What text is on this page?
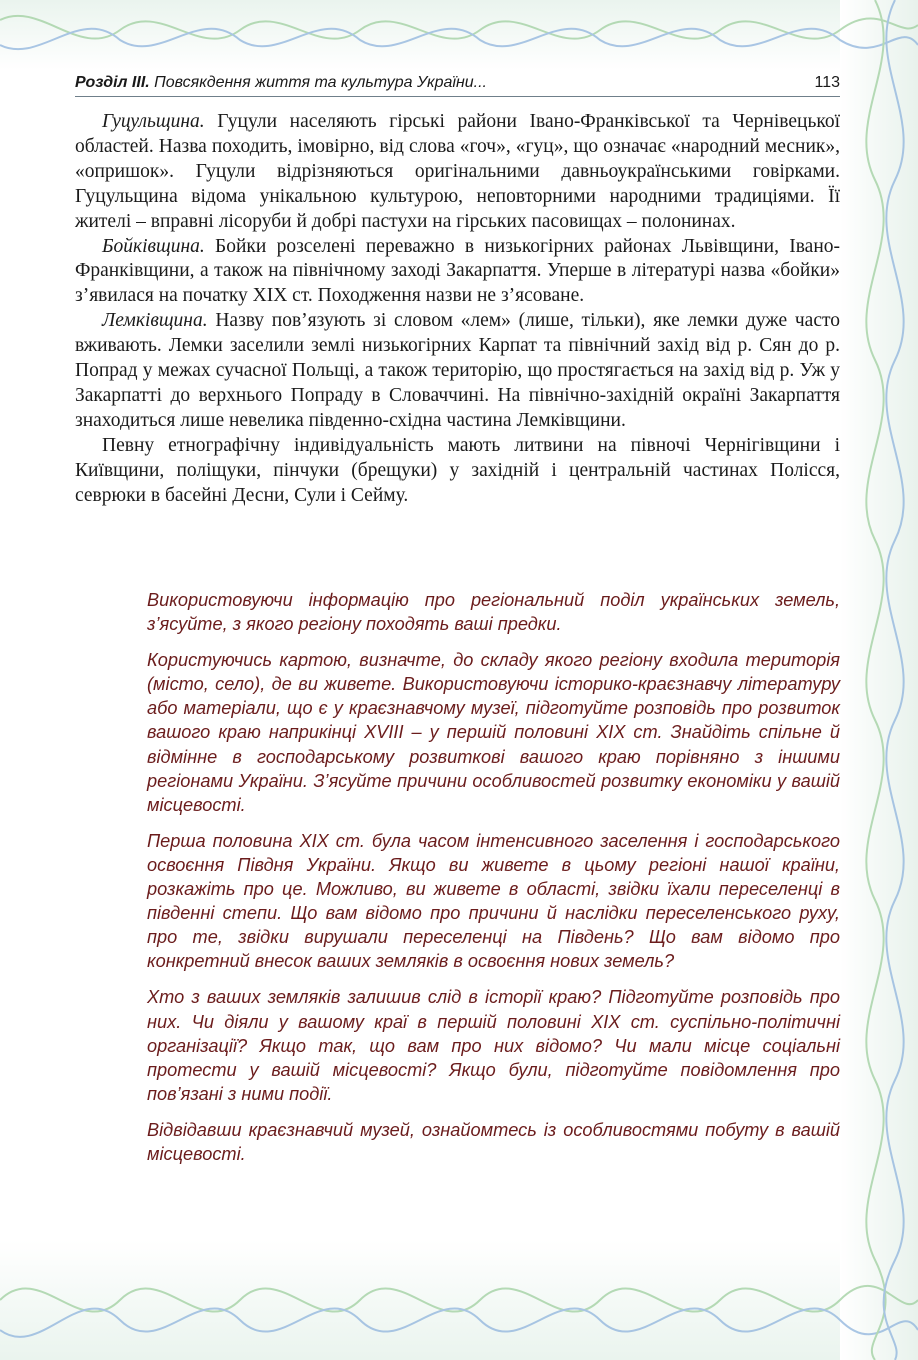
Розділ III. Повсякдення життя та культура України...	113

Гуцульщина. Гуцули населяють гірські райони Івано-Франківської та Чернівецької областей. Назва походить, імовірно, від слова «гоч», «гуц», що означає «народний месник», «опришок». Гуцули відрізняються оригінальними давньоукраїнськими говірками. Гуцульщина відома унікальною культурою, неповторними народними традиціями. Її жителі – вправні лісоруби й добрі пастухи на гірських пасовищах – полонинах.

Бойківщина. Бойки розселені переважно в низькогірних районах Львівщини, Івано-Франківщини, а також на північному заході Закарпаття. Уперше в літературі назва «бойки» з’явилася на початку XIX ст. Походження назви не з’ясоване.

Лемківщина. Назву пов’язують зі словом «лем» (лише, тільки), яке лемки дуже часто вживають. Лемки заселили землі низькогірних Карпат та північний захід від р. Сян до р. Попрад у межах сучасної Польщі, а також територію, що простягається на захід від р. Уж у Закарпатті до верхнього Попраду в Словаччині. На північно-західній окраїні Закарпаття знаходиться лише невелика південно-східна частина Лемківщини.

Певну етнографічну індивідуальність мають литвини на півночі Чернігівщини і Київщини, поліщуки, пінчуки (брещуки) у західній і центральній частинах Полісся, севрюки в басейні Десни, Сули і Сейму.

Використовуючи інформацію про регіональний поділ українських земель, з’ясуйте, з якого регіону походять ваші предки.

Користуючись картою, визначте, до складу якого регіону входила територія (місто, село), де ви живете. Використовуючи історико-краєзнавчу літературу або матеріали, що є у краєзнавчому музеї, підготуйте розповідь про розвиток вашого краю наприкінці XVIII – у першій половині XIX ст. Знайдіть спільне й відмінне в господарському розвиткові вашого краю порівняно з іншими регіонами України. З’ясуйте причини особливостей розвитку економіки у вашій місцевості.

Перша половина XIX ст. була часом інтенсивного заселення і господарського освоєння Півдня України. Якщо ви живете в цьому регіоні нашої країни, розкажіть про це. Можливо, ви живете в області, звідки їхали переселенці в південні степи. Що вам відомо про причини й наслідки переселенського руху, про те, звідки вирушали переселенці на Південь? Що вам відомо про конкретний внесок ваших земляків в освоєння нових земель?

Хто з ваших земляків залишив слід в історії краю? Підготуйте розповідь про них. Чи діяли у вашому краї в першій половині XIX ст. суспільно-політичні організації? Якщо так, що вам про них відомо? Чи мали місце соціальні протести у вашій місцевості? Якщо були, підготуйте повідомлення про пов’язані з ними події.

Відвідавши краєзнавчий музей, ознайомтесь із особливостями побуту в вашій місцевості.
